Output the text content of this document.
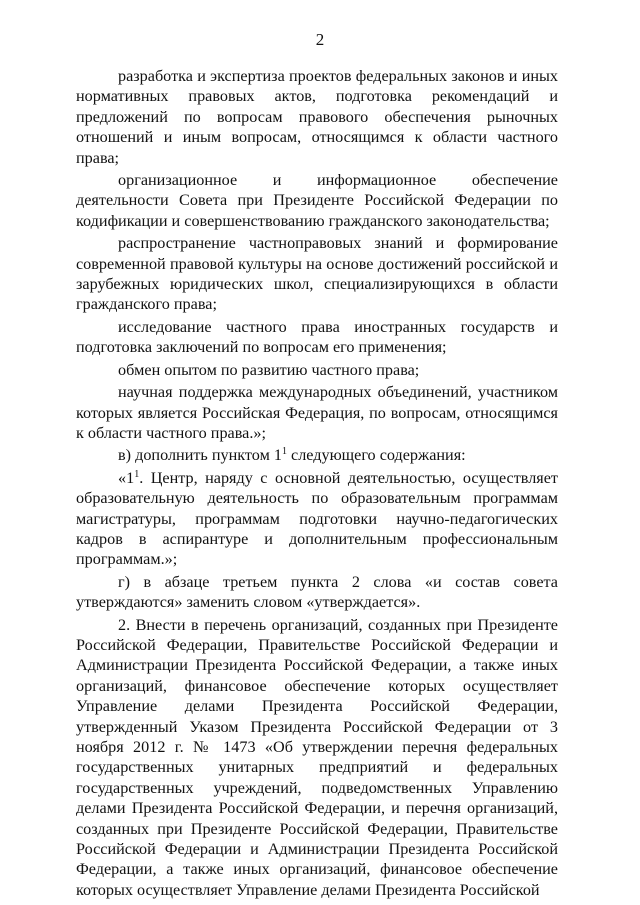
2

разработка и экспертиза проектов федеральных законов и иных нормативных правовых актов, подготовка рекомендаций и предложений по вопросам правового обеспечения рыночных отношений и иным вопросам, относящимся к области частного права;

организационное и информационное обеспечение деятельности Совета при Президенте Российской Федерации по кодификации и совершенствованию гражданского законодательства;

распространение частноправовых знаний и формирование современной правовой культуры на основе достижений российской и зарубежных юридических школ, специализирующихся в области гражданского права;

исследование частного права иностранных государств и подготовка заключений по вопросам его применения;

обмен опытом по развитию частного права;

научная поддержка международных объединений, участником которых является Российская Федерация, по вопросам, относящимся к области частного права.»;

в) дополнить пунктом $1^1$ следующего содержания:

«$1^1$. Центр, наряду с основной деятельностью, осуществляет образовательную деятельность по образовательным программам магистратуры, программам подготовки научно-педагогических кадров в аспирантуре и дополнительным профессиональным программам.»;

г) в абзаце третьем пункта 2 слова «и состав совета утверждаются» заменить словом «утверждается».

2. Внести в перечень организаций, созданных при Президенте Российской Федерации, Правительстве Российской Федерации и Администрации Президента Российской Федерации, а также иных организаций, финансовое обеспечение которых осуществляет Управление делами Президента Российской Федерации, утвержденный Указом Президента Российской Федерации от 3 ноября 2012 г. № 1473 «Об утверждении перечня федеральных государственных унитарных предприятий и федеральных государственных учреждений, подведомственных Управлению делами Президента Российской Федерации, и перечня организаций, созданных при Президенте Российской Федерации, Правительстве Российской Федерации и Администрации Президента Российской Федерации, а также иных организаций, финансовое обеспечение которых осуществляет Управление делами Президента Российской
